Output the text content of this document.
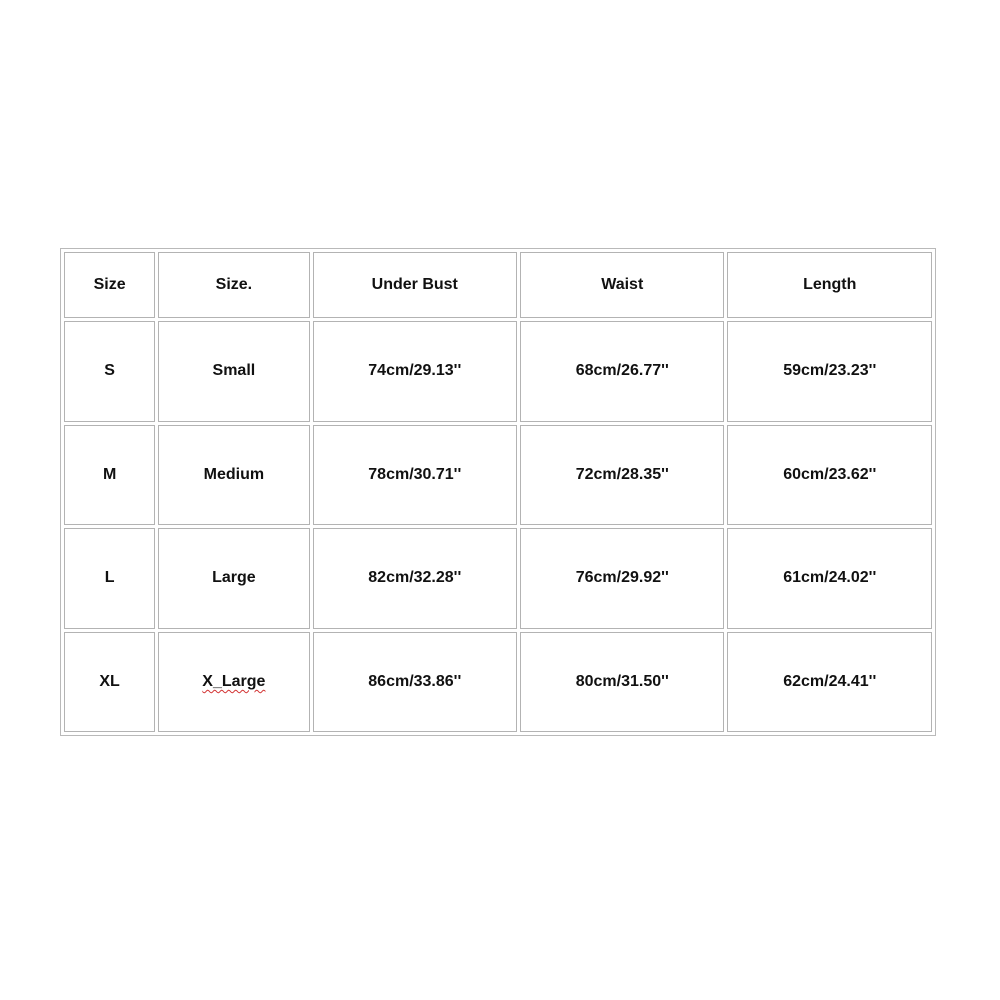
Size	Size.	Under Bust	Waist	Length
S	Small	74cm/29.13''	68cm/26.77''	59cm/23.23''
M	Medium	78cm/30.71''	72cm/28.35''	60cm/23.62''
L	Large	82cm/32.28''	76cm/29.92''	61cm/24.02''
XL	X_Large	86cm/33.86''	80cm/31.50''	62cm/24.41''
